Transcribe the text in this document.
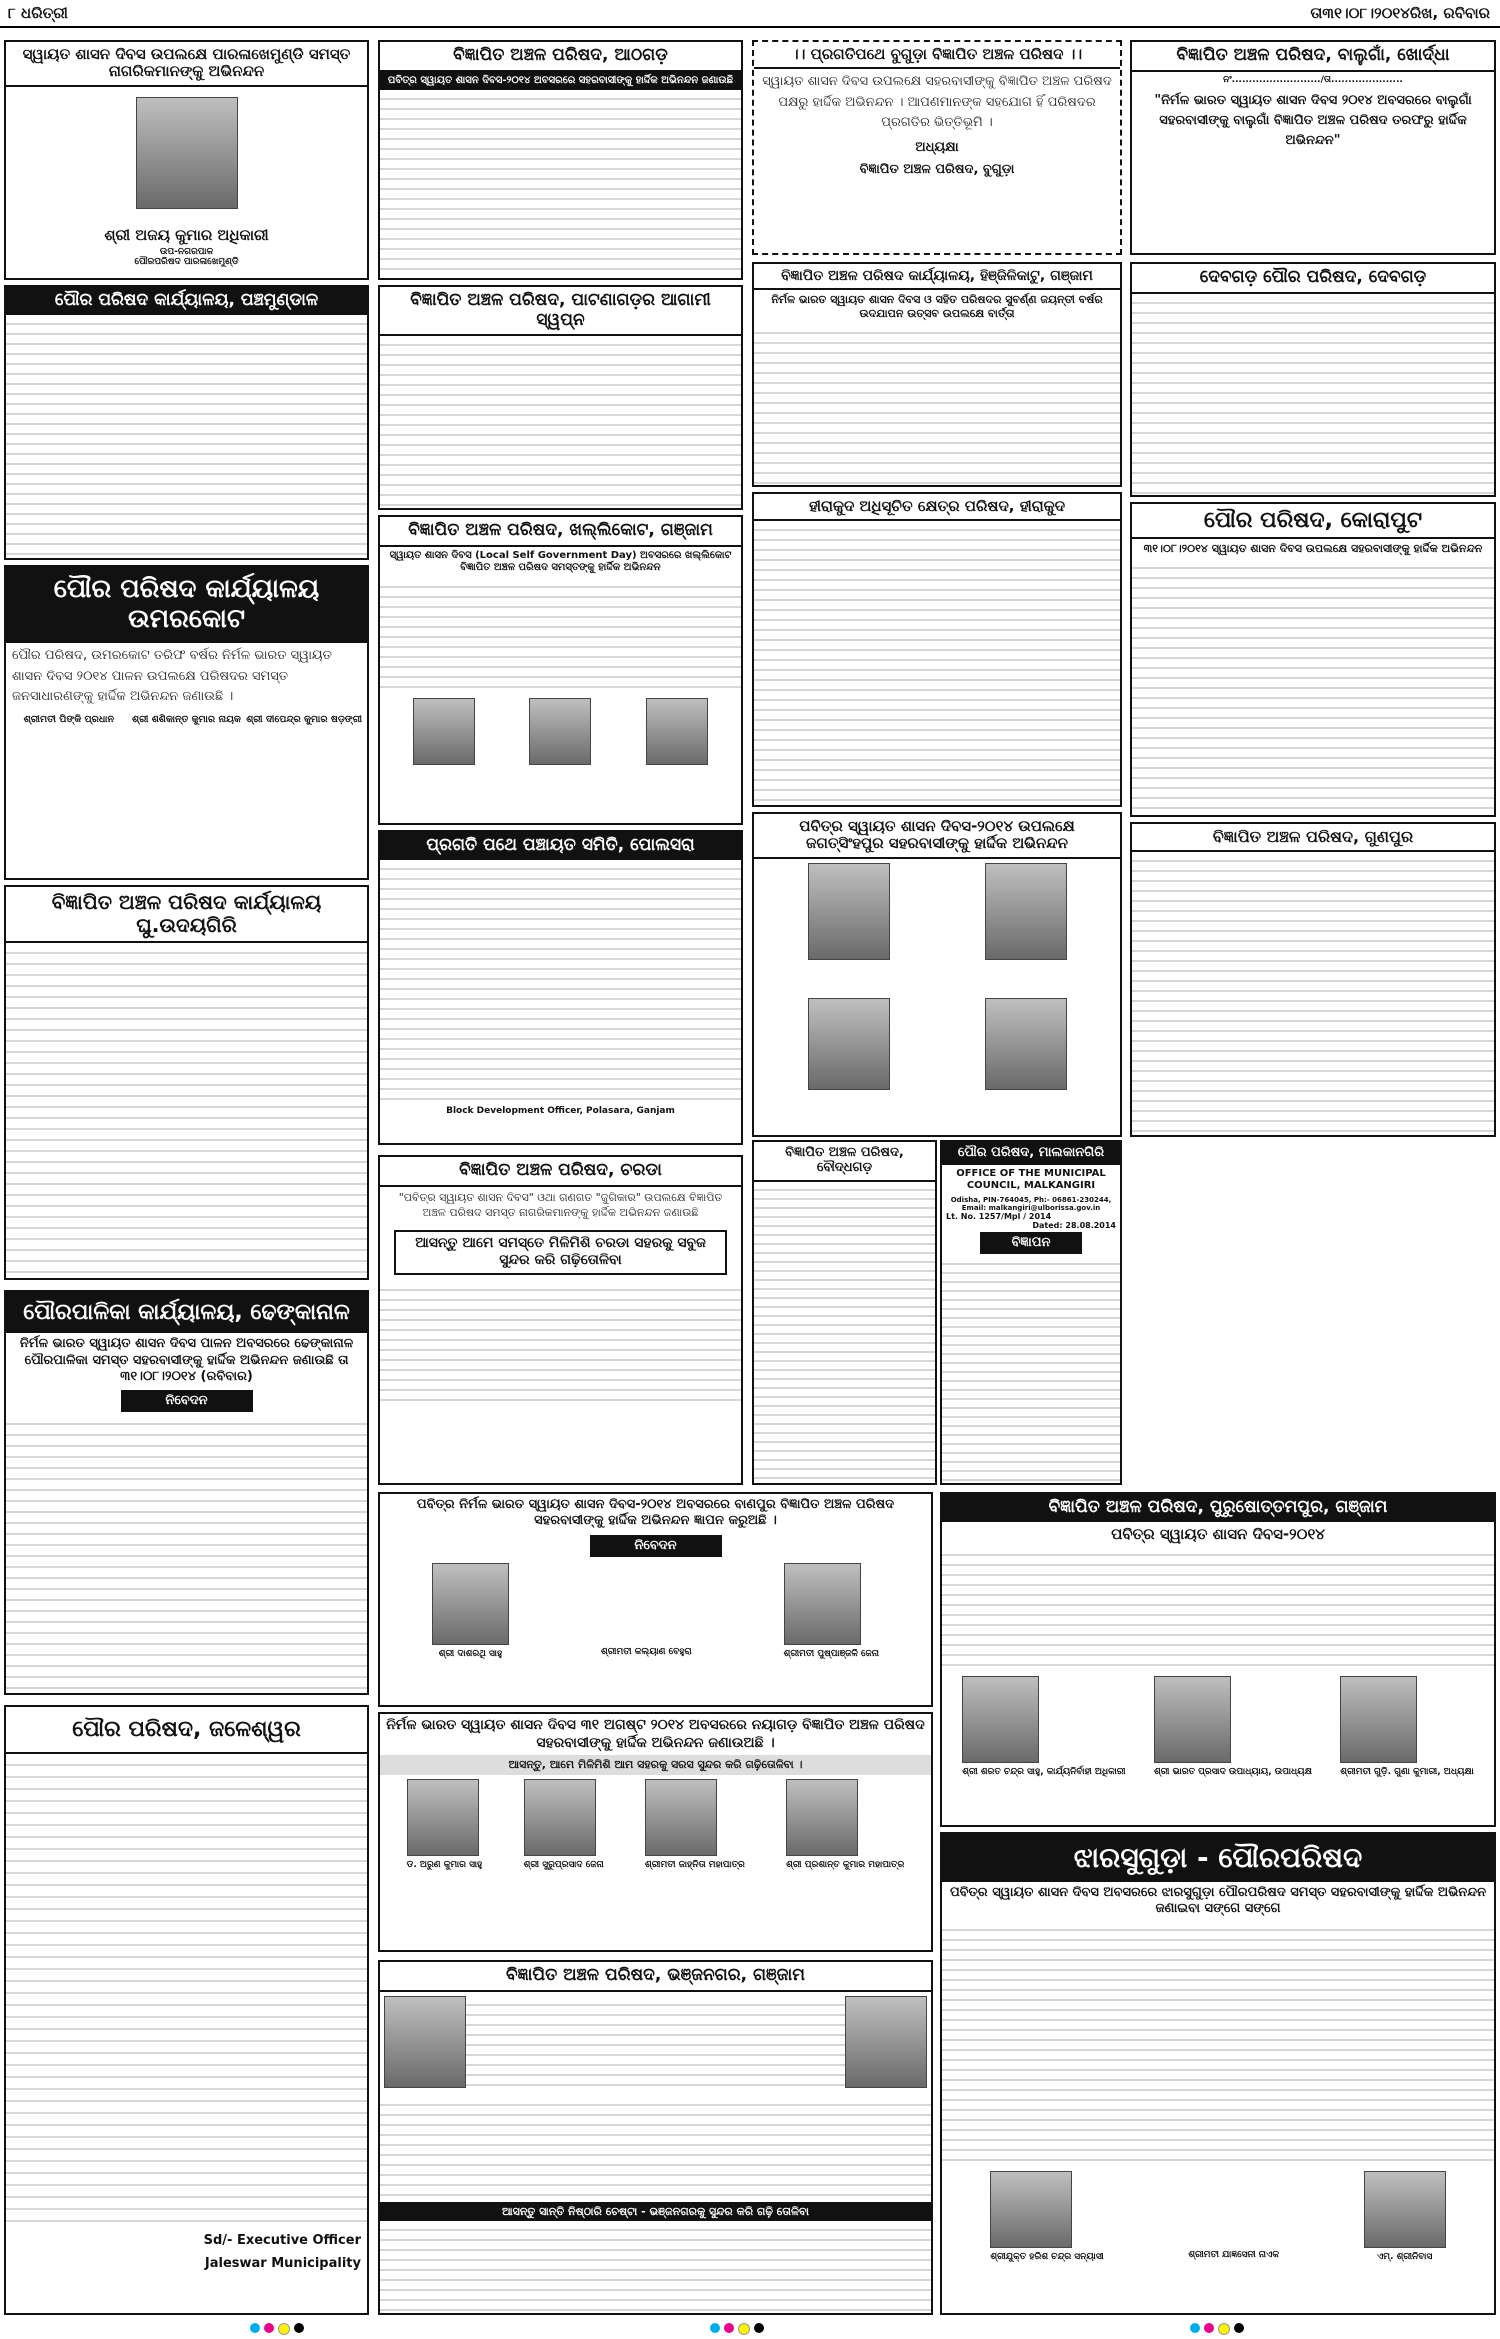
୮ ଧରିତ୍ରୀ	ତା୩୧।୦୮।୨୦୧୪ରିଖ, ରବିବାର
ସ୍ୱାୟତ ଶାସନ ଦିବସ ଉପଲକ୍ଷେ ପାରଳାଖେମୁଣ୍ଡି ସମସ୍ତ ନାଗରିକମାନଙ୍କୁ ଅଭିନନ୍ଦନ
ଶ୍ରୀ ଅଜୟ କୁମାର ଅଧିକାରୀ
ଉପ-ନଗରପାଳ
ପୌରପରିଷଦ ପାରଳାଖେମୁଣ୍ଡି
ପୌର ପରିଷଦ କାର୍ଯ୍ୟାଳୟ, ପଞ୍ଚମୁଣ୍ଡାଳ
ପୌର ପରିଷଦ କାର୍ଯ୍ୟାଳୟ ଉମରକୋଟ
ପୌର ପରିଷଦ, ଉମରକୋଟ ତରିଫ ବର୍ଷର ନିର୍ମଳ ଭାରତ ସ୍ୱାୟତ ଶାସନ ଦିବସ ୨୦୧୪ ପାଳନ ଉପଲକ୍ଷେ ପରିଷଦର ସମସ୍ତ ଜନସାଧାରଣଙ୍କୁ ହାର୍ଦ୍ଦିକ ଅଭିନନ୍ଦନ ଜଣାଉଛି ।
ଶ୍ରୀମତୀ ପିଙ୍କି ପ୍ରଧାନ	ଶ୍ରୀ ଶଶିକାନ୍ତ କୁମାର ନାୟକ ଶ୍ରୀ ଦୀପେନ୍ଦ୍ର କୁମାର ଷଡ଼ଙ୍ଗୀ
ବିଜ୍ଞାପିତ ଅଞ୍ଚଳ ପରିଷଦ କାର୍ଯ୍ୟାଳୟ ଘୁ.ଉଦୟଗିରି
ପୌରପାଳିକା କାର୍ଯ୍ୟାଳୟ, ଢେଙ୍କାନାଳ
ନିର୍ମଳ ଭାରତ ସ୍ୱାୟତ ଶାସନ ଦିବସ ପାଳନ ଅବସରରେ ଢେଙ୍କାନାଳ ପୌରପାଳିକା ସମସ୍ତ ସହରବାସୀଙ୍କୁ ହାର୍ଦ୍ଦିକ ଅଭିନନ୍ଦନ ଜଣାଉଛି ତା ୩୧।୦୮।୨୦୧୪ (ରବିବାର)
ନିବେଦନ
ପୌର ପରିଷଦ, ଜଳେଶ୍ୱର
Sd/- Executive Officer
Jaleswar Municipality
ବିଜ୍ଞାପିତ ଅଞ୍ଚଳ ପରିଷଦ, ଆଠଗଡ଼
ପବିତ୍ର ସ୍ୱାୟତ ଶାସନ ଦିବସ-୨୦୧୪ ଅବସରରେ ସହରବାସୀଙ୍କୁ ହାର୍ଦ୍ଦିକ ଅଭିନନ୍ଦନ ଜଣାଉଛି
ବିଜ୍ଞାପିତ ଅଞ୍ଚଳ ପରିଷଦ, ପାଟଣାଗଡ଼ର ଆଗାମୀ ସ୍ୱପ୍ନ
ବିଜ୍ଞାପିତ ଅଞ୍ଚଳ ପରିଷଦ, ଖଲ୍ଲିକୋଟ, ଗଞ୍ଜାମ
ସ୍ୱାୟତ ଶାସନ ଦିବସ (Local Self Government Day) ଅବସରରେ ଖଲ୍ଲିକୋଟ ବିଜ୍ଞାପିତ ଅଞ୍ଚଳ ପରିଷଦ ସମସ୍ତଙ୍କୁ ହାର୍ଦ୍ଦିକ ଅଭିନନ୍ଦନ
ପ୍ରଗତି ପଥେ ପଞ୍ଚାୟତ ସମିତି, ପୋଲସରା
Block Development Officer, Polasara, Ganjam
ବିଜ୍ଞାପିତ ଅଞ୍ଚଳ ପରିଷଦ, ଚରଡା
"ପବିତ୍ର ସ୍ୱାୟତ ଶାସନ ଦିବସ" ଓଥା ଗଣଗତ "ଜୁଗିକାର" ଉପଲକ୍ଷେ ବିଜ୍ଞାପିତ ଅଞ୍ଚଳ ପରିଷଦ ସମସ୍ତ ନାଗରିକମାନଙ୍କୁ ହାର୍ଦ୍ଦିକ ଅଭିନନ୍ଦନ ଜଣାଉଛି
ଆସନ୍ତୁ ଆମେ ସମସ୍ତେ ମିଳିମିଶି ଚରଡା ସହରକୁ ସବୁଜ ସୁନ୍ଦର କରି ଗଢ଼ିତୋଳିବା
ପବିତ୍ର ନିର୍ମଳ ଭାରତ ସ୍ୱାୟତ ଶାସନ ଦିବସ-୨୦୧୪ ଅବସରରେ ବାଣପୁର ବିଜ୍ଞାପିତ ଅଞ୍ଚଳ ପରିଷଦ ସହରବାସୀଙ୍କୁ ହାର୍ଦ୍ଦିକ ଅଭିନନ୍ଦନ ଜ୍ଞାପନ କରୁଅଛି ।
ନିବେଦନ
ଶ୍ରୀ ଦାଶରଥି ସାହୁ	ଶ୍ରୀମତୀ କଲ୍ୟାଣ ବେହୁରା	ଶ୍ରୀମତୀ ପୁଷ୍ପାଞ୍ଜଳି ଜେନା
ନିର୍ମଳ ଭାରତ ସ୍ୱାୟତ ଶାସନ ଦିବସ ୩୧ ଅଗଷ୍ଟ ୨୦୧୪ ଅବସରରେ ନୟାଗଡ଼ ବିଜ୍ଞାପିତ ଅଞ୍ଚଳ ପରିଷଦ ସହରବାସୀଙ୍କୁ ହାର୍ଦ୍ଦିକ ଅଭିନନ୍ଦନ ଜଣାଉଅଛି ।
ଆସନ୍ତୁ, ଆମେ ମିଳିମିଶି ଆମ ସହରକୁ ସରସ ସୁନ୍ଦର କରି ଗଢ଼ିତୋଳିବା ।
ଡ. ଅରୁଣ କୁମାର ସାହୁ	ଶ୍ରୀ ସୁରୁପ୍ରସାଦ ଜେନା	ଶ୍ରୀମତୀ ଜାହ୍ନିତା ମହାପାତ୍ର	ଶ୍ରୀ ପ୍ରଶାନ୍ତ କୁମାର ମହାପାତ୍ର
ବିଜ୍ଞାପିତ ଅଞ୍ଚଳ ପରିଷଦ, ଭଞ୍ଜନଗର, ଗଞ୍ଜାମ
ଆସନ୍ତୁ ସାନ୍ତି ନିଷ୍ଠାରି ଚେଷ୍ଟା - ଭଞ୍ଜନଗରକୁ ସୁନ୍ଦର କରି ଗଢ଼ି ତୋଳିବା
।। ପ୍ରଗତିପଥେ ବୁଗୁଡ଼ା ବିଜ୍ଞାପିତ ଅଞ୍ଚଳ ପରିଷଦ ।।
ସ୍ୱାୟତ ଶାସନ ଦିବସ ଉପଲକ୍ଷେ ସହରବାସୀଙ୍କୁ ବିଜ୍ଞାପିତ ଅଞ୍ଚଳ ପରିଷଦ ପକ୍ଷରୁ ହାର୍ଦ୍ଦିକ ଅଭିନନ୍ଦନ । ଆପଣମାନଙ୍କ ସହଯୋଗ ହିଁ ପରିଷଦର ପ୍ରଗତିର ଭିତ୍ତିଭୂମି ।
ଅଧ୍ୟକ୍ଷା
ବିଜ୍ଞାପିତ ଅଞ୍ଚଳ ପରିଷଦ, ବୁଗୁଡ଼ା
ବିଜ୍ଞାପିତ ଅଞ୍ଚଳ ପରିଷଦ କାର୍ଯ୍ୟାଳୟ, ହିଞ୍ଜିଳିକାଟୁ, ଗଞ୍ଜାମ
ନିର୍ମଳ ଭାରତ ସ୍ୱାୟତ ଶାସନ ଦିବସ ଓ ସହିତ ପରିଷଦର ସୁବର୍ଣ୍ଣ ଜୟନ୍ତୀ ବର୍ଷର ଉଦଯାପନ ଉତ୍ସବ ଉପଲକ୍ଷେ ବାର୍ତ୍ତା
ହୀରାକୁଦ ଅଧିସୂଚିତ କ୍ଷେତ୍ର ପରିଷଦ, ହୀରାକୁଦ
ପବିତ୍ର ସ୍ୱାୟତ ଶାସନ ଦିବସ-୨୦୧୪ ଉପଲକ୍ଷେ ଜଗତ୍ସିଂହପୁର ସହରବାସୀଙ୍କୁ ହାର୍ଦ୍ଦିକ ଅଭିନନ୍ଦନ
ବିଜ୍ଞାପିତ ଅଞ୍ଚଳ ପରିଷଦ, ବୌଦ୍ଧଗଡ଼
ପୌର ପରିଷଦ, ମାଲକାନଗିରି
OFFICE OF THE MUNICIPAL COUNCIL, MALKANGIRI
Odisha, PIN-764045, Ph:- 06861-230244, Email: malkangiri@ulborissa.gov.in
Lt. No. 1257/Mpl / 2014
Dated: 28.08.2014
ବିଜ୍ଞାପନ
ବିଜ୍ଞାପିତ ଅଞ୍ଚଳ ପରିଷଦ, ବାଲୁଗାଁ, ଖୋର୍ଦ୍ଧା
ନଂ........................../ତା.....................
"ନିର୍ମଳ ଭାରତ ସ୍ୱାୟତ ଶାସନ ଦିବସ ୨୦୧୪ ଅବସରରେ ବାଲୁଗାଁ ସହରବାସୀଙ୍କୁ ବାଲୁଗାଁ ବିଜ୍ଞାପିତ ଅଞ୍ଚଳ ପରିଷଦ ତରଫରୁ ହାର୍ଦ୍ଦିକ ଅଭିନନ୍ଦନ"
ଦେବଗଡ଼ ପୌର ପରିଷଦ, ଦେବଗଡ଼
ପୌର ପରିଷଦ, କୋରାପୁଟ
୩୧।୦୮।୨୦୧୪ ସ୍ୱାୟତ ଶାସନ ଦିବସ ଉପଲକ୍ଷେ ସହରବାସୀଙ୍କୁ ହାର୍ଦ୍ଦିକ ଅଭିନନ୍ଦନ
ବିଜ୍ଞାପିତ ଅଞ୍ଚଳ ପରିଷଦ, ଗୁଣପୁର
ବିଜ୍ଞାପିତ ଅଞ୍ଚଳ ପରିଷଦ, ପୁରୁଷୋତ୍ତମପୁର, ଗଞ୍ଜାମ
ପବିତ୍ର ସ୍ୱାୟତ ଶାସନ ଦିବସ-୨୦୧୪
ଶ୍ରୀ ଶରତ ଚନ୍ଦ୍ର ସାହୁ, କାର୍ଯ୍ୟନିର୍ବାହୀ ଅଧିକାରୀ	ଶ୍ରୀ ଭାରତ ପ୍ରସାଦ ଉପାଧ୍ୟାୟ, ଉପାଧ୍ୟକ୍ଷ	ଶ୍ରୀମତୀ ଗୁଡ଼ି. ଗୁଣା କୁମାରୀ, ଅଧ୍ୟକ୍ଷା
ଝାରସୁଗୁଡ଼ା - ପୌରପରିଷଦ
ପବିତ୍ର ସ୍ୱାୟତ ଶାସନ ଦିବସ ଅବସରରେ ଝାରସୁଗୁଡ଼ା ପୌରପରିଷଦ ସମସ୍ତ ସହରବାସୀଙ୍କୁ ହାର୍ଦ୍ଦିକ ଅଭିନନ୍ଦନ ଜଣାଇବା ସଙ୍ଗେ ସଙ୍ଗେ
ଶ୍ରୀଯୁକ୍ତ ହରିଶ ଚନ୍ଦ୍ର ସନ୍ୟାସୀ	ଶ୍ରୀମତୀ ଯାଜ୍ଞସେନୀ ନାଏକ	ଏମ୍. ଶ୍ରୀନିବାସ
